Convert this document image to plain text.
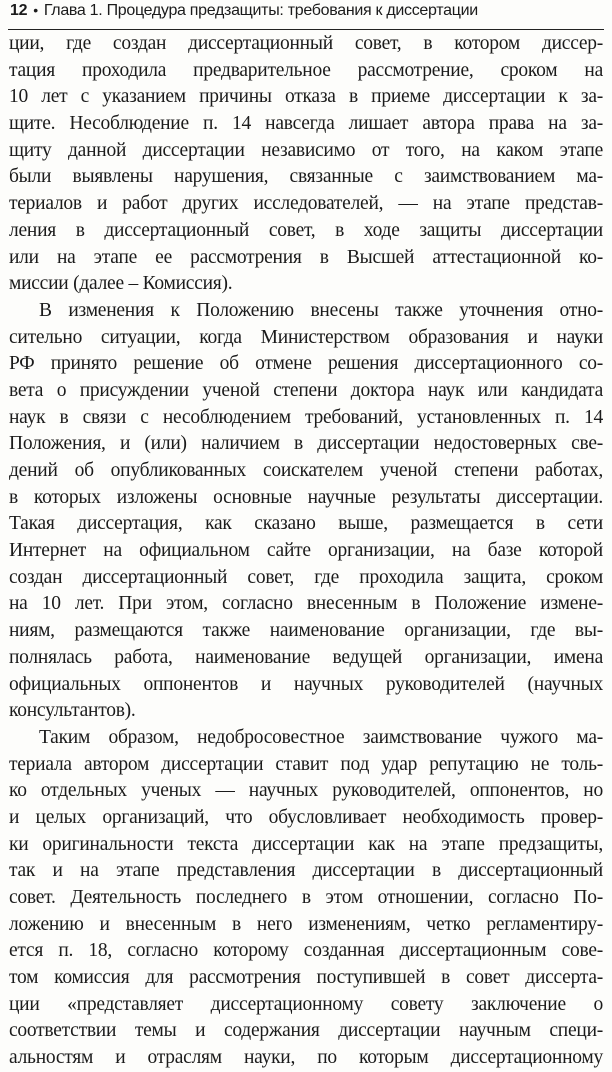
12 • Глава 1. Процедура предзащиты: требования к диссертации
ции, где создан диссертационный совет, в котором диссер-
тация проходила предварительное рассмотрение, сроком на
10 лет с указанием причины отказа в приеме диссертации к за-
щите. Несоблюдение п. 14 навсегда лишает автора права на за-
щиту данной диссертации независимо от того, на каком этапе
были выявлены нарушения, связанные с заимствованием ма-
териалов и работ других исследователей, — на этапе представ-
ления в диссертационный совет, в ходе защиты диссертации
или на этапе ее рассмотрения в Высшей аттестационной ко-
миссии (далее – Комиссия).
В изменения к Положению внесены также уточнения отно-
сительно ситуации, когда Министерством образования и науки
РФ принято решение об отмене решения диссертационного со-
вета о присуждении ученой степени доктора наук или кандидата
наук в связи с несоблюдением требований, установленных п. 14
Положения, и (или) наличием в диссертации недостоверных све-
дений об опубликованных соискателем ученой степени работах,
в которых изложены основные научные результаты диссертации.
Такая диссертация, как сказано выше, размещается в сети
Интернет на официальном сайте организации, на базе которой
создан диссертационный совет, где проходила защита, сроком
на 10 лет. При этом, согласно внесенным в Положение измене-
ниям, размещаются также наименование организации, где вы-
полнялась работа, наименование ведущей организации, имена
официальных оппонентов и научных руководителей (научных
консультантов).
Таким образом, недобросовестное заимствование чужого ма-
териала автором диссертации ставит под удар репутацию не толь-
ко отдельных ученых — научных руководителей, оппонентов, но
и целых организаций, что обусловливает необходимость провер-
ки оригинальности текста диссертации как на этапе предзащиты,
так и на этапе представления диссертации в диссертационный
совет. Деятельность последнего в этом отношении, согласно По-
ложению и внесенным в него изменениям, четко регламентиру-
ется п. 18, согласно которому созданная диссертационным сове-
том комиссия для рассмотрения поступившей в совет диссерта-
ции «представляет диссертационному совету заключение о
соответствии темы и содержания диссертации научным специ-
альностям и отраслям науки, по которым диссертационному
